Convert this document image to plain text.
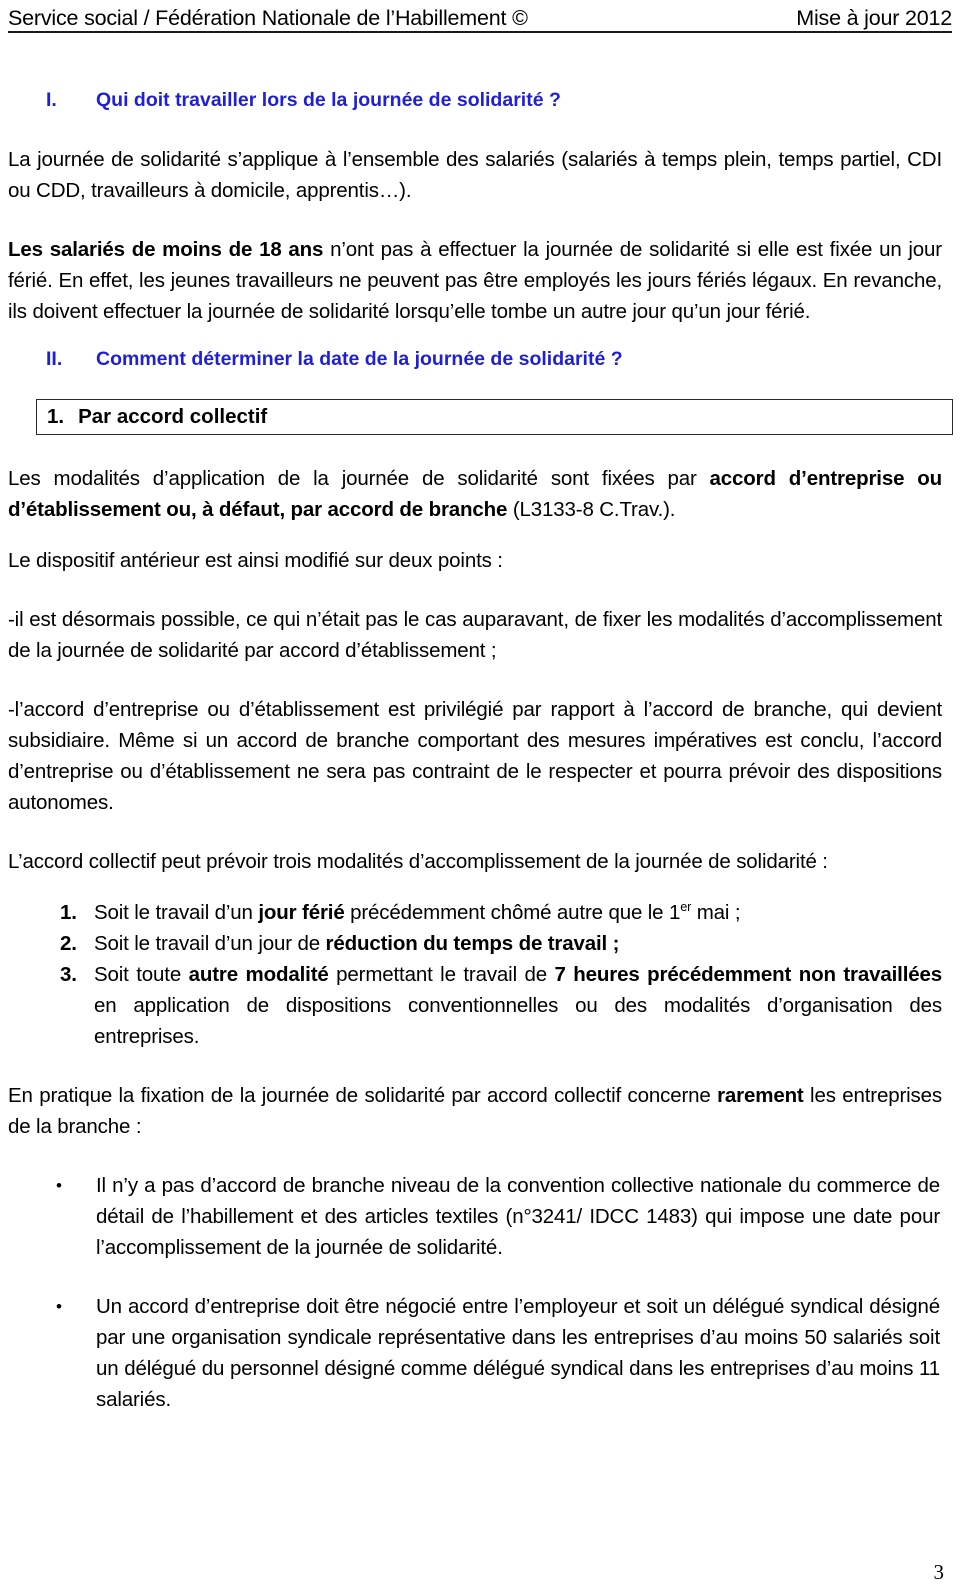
Service social / Fédération Nationale de l’Habillement ©	Mise à jour 2012
I.	Qui doit travailler lors de la journée de solidarité ?

La journée de solidarité s’applique à l’ensemble des salariés (salariés à temps plein, temps partiel, CDI ou CDD, travailleurs à domicile, apprentis…).

Les salariés de moins de 18 ans n’ont pas à effectuer la journée de solidarité si elle est fixée un jour férié. En effet, les jeunes travailleurs ne peuvent pas être employés les jours fériés légaux. En revanche, ils doivent effectuer la journée de solidarité lorsqu’elle tombe un autre jour qu’un jour férié.

II.	Comment déterminer la date de la journée de solidarité ?
1. Par accord collectif

Les modalités d’application de la journée de solidarité sont fixées par accord d’entreprise ou d’établissement ou, à défaut, par accord de branche (L3133-8 C.Trav.).

Le dispositif antérieur est ainsi modifié sur deux points :

-il est désormais possible, ce qui n’était pas le cas auparavant, de fixer les modalités d’accomplissement de la journée de solidarité par accord d’établissement ;

-l’accord d’entreprise ou d’établissement est privilégié par rapport à l’accord de branche, qui devient subsidiaire. Même si un accord de branche comportant des mesures impératives est conclu, l’accord d’entreprise ou d’établissement ne sera pas contraint de le respecter et pourra prévoir des dispositions autonomes.

L’accord collectif peut prévoir trois modalités d’accomplissement de la journée de solidarité :

1. Soit le travail d’un jour férié précédemment chômé autre que le 1er mai ;
2. Soit le travail d’un jour de réduction du temps de travail ;
3. Soit toute autre modalité permettant le travail de 7 heures précédemment non travaillées en application de dispositions conventionnelles ou des modalités d’organisation des entreprises.

En pratique la fixation de la journée de solidarité par accord collectif concerne rarement les entreprises de la branche :

•	Il n’y a pas d’accord de branche niveau de la convention collective nationale du commerce de détail de l’habillement et des articles textiles (n°3241/ IDCC 1483) qui impose une date pour l’accomplissement de la journée de solidarité.
•	Un accord d’entreprise doit être négocié entre l’employeur et soit un délégué syndical désigné par une organisation syndicale représentative dans les entreprises d’au moins 50 salariés soit un délégué du personnel désigné comme délégué syndical dans les entreprises d’au moins 11 salariés.
3
